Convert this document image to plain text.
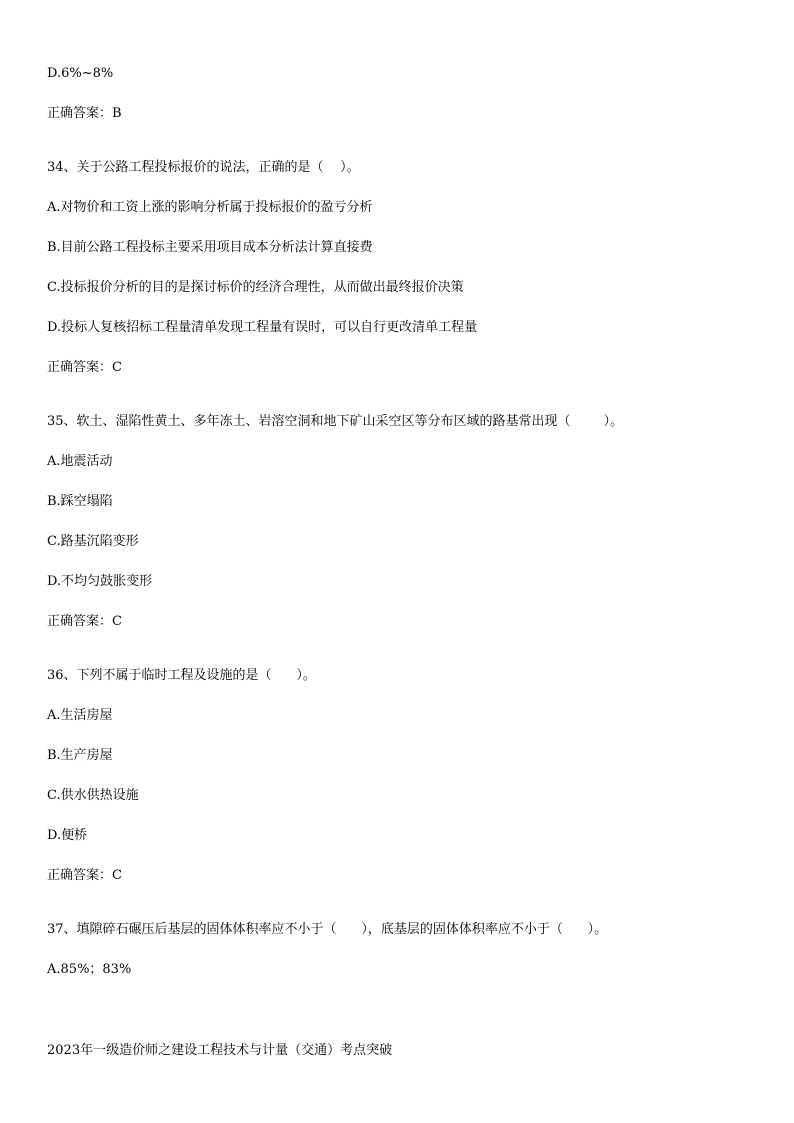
D.6%~8%
正确答案：B
34、关于公路工程投标报价的说法，正确的是（    ）。
A.对物价和工资上涨的影响分析属于投标报价的盈亏分析
B.目前公路工程投标主要采用项目成本分析法计算直接费
C.投标报价分析的目的是探讨标价的经济合理性，从而做出最终报价决策
D.投标人复核招标工程量清单发现工程量有误时，可以自行更改清单工程量
正确答案：C
35、软土、湿陷性黄土、多年冻土、岩溶空洞和地下矿山采空区等分布区域的路基常出现（        ）。
A.地震活动
B.踩空塌陷
C.路基沉陷变形
D.不均匀鼓胀变形
正确答案：C
36、下列不属于临时工程及设施的是（      ）。
A.生活房屋
B.生产房屋
C.供水供热设施
D.便桥
正确答案：C
37、填隙碎石碾压后基层的固体体积率应不小于（      ），底基层的固体体积率应不小于（      ）。
A.85%；83%
2023年一级造价师之建设工程技术与计量（交通）考点突破
